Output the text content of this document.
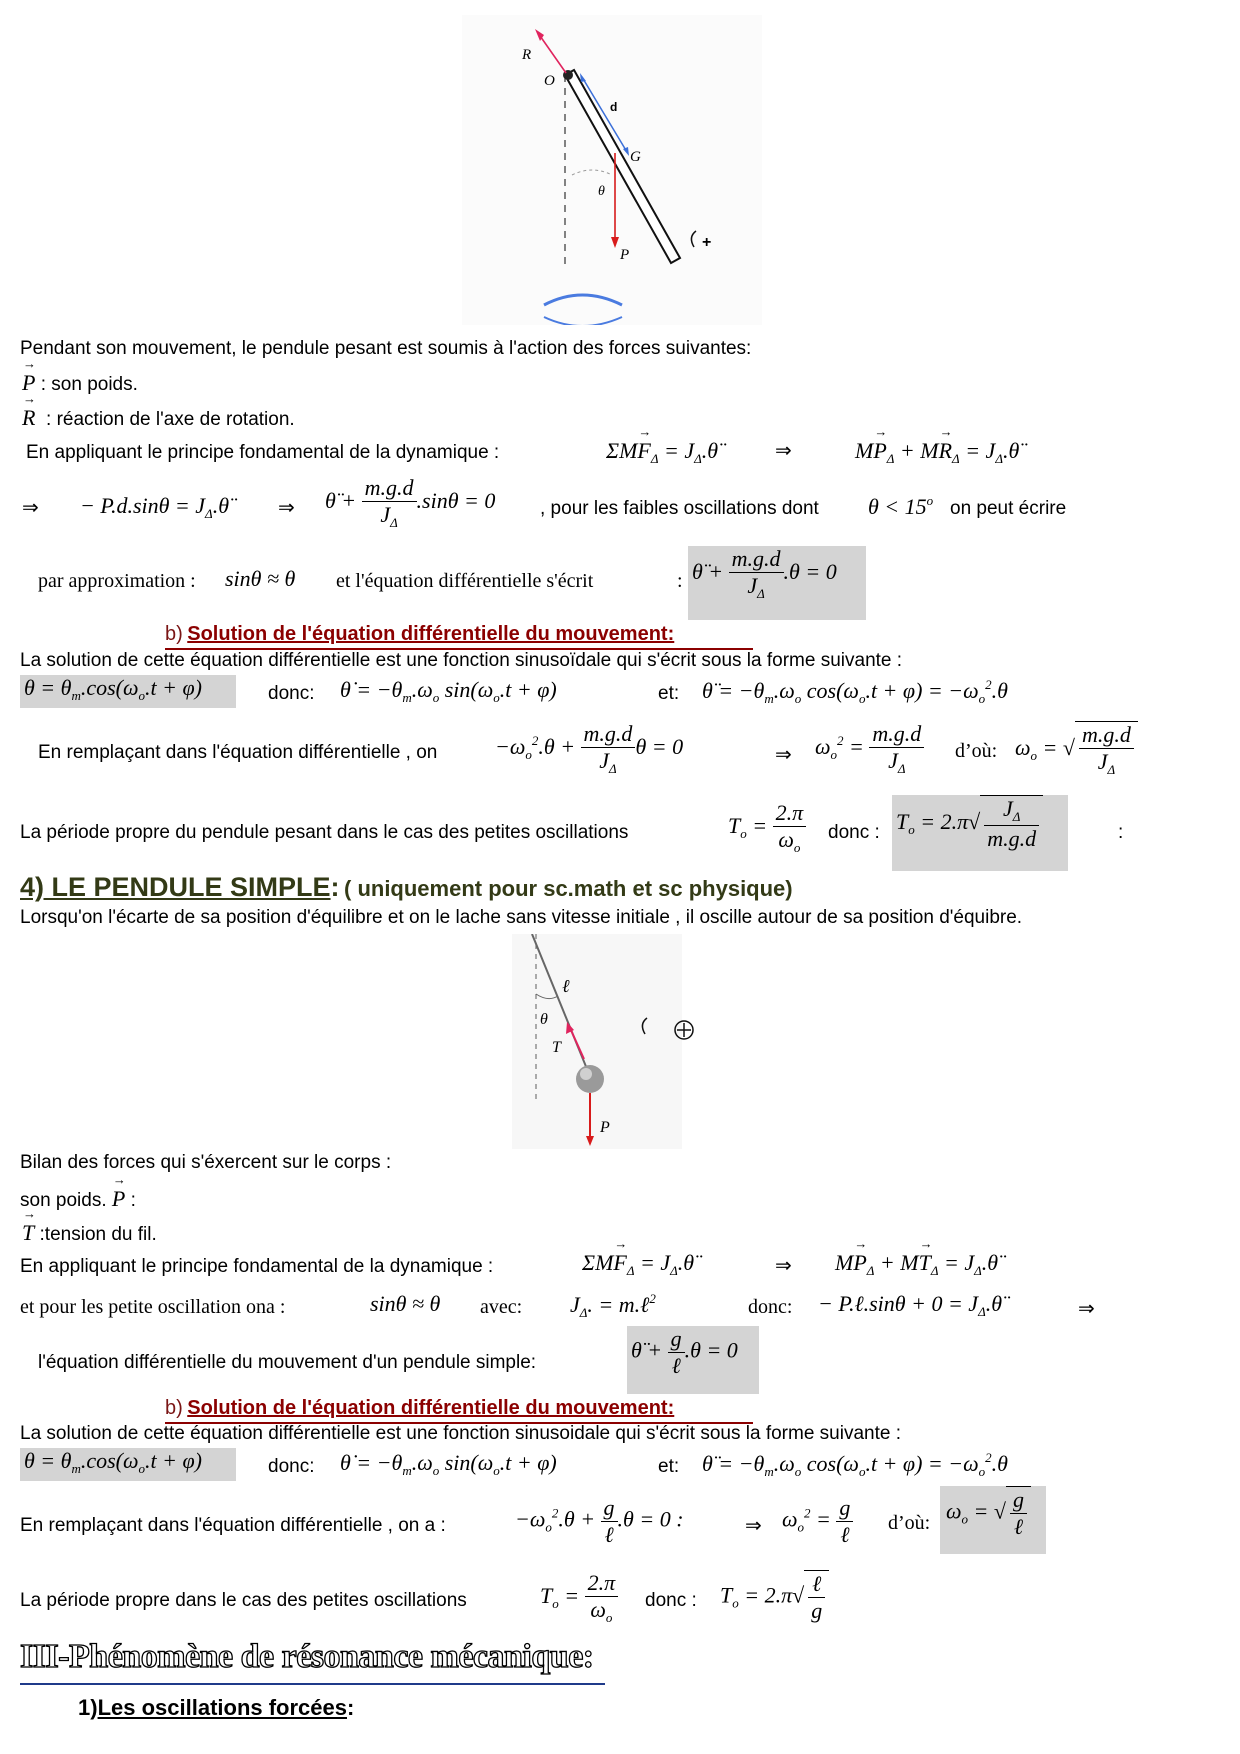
R
O
d
G
θ
P
+
Pendant son mouvement, le pendule pesant est soumis à l'action des forces suivantes:
→ P : son poids.
→ R : réaction de l'axe de rotation.
En appliquant le principe fondamental de la dynamique :	$\Sigma M\to F_\Delta$ = $J_\Delta.\thetä$	⇒	$M\to P_\Delta + M\to R_\Delta$ = $J_\Delta.\thetä$
⇒ − $P.d.\sin\theta = J_\Delta.\thetä$ ⇒ θ̈ + $\frac{m.g.d}{J_\Delta} .\sin\theta = 0$ , pour les faibles oscillations dont $\theta < 15^o$ on peut écrire
par approximation : sinθ ≈ θ et l'équation différentielle s'écrit	: θ̈ + $\frac{m.g.d}{J_\Delta} .\theta = 0$
b) Solution de l'équation différentielle du mouvement:
La solution de cette équation différentielle est une fonction sinusoïdale qui s'écrit sous la forme suivante :
$\theta = \theta_m.\cos(\omega_o.t + \varphi)$	donc: θ̇ = $-\theta_m.\omega_o$ $\sin(\omega_o.t + \varphi)$	et: θ̈ = $-\theta_m.\omega_o$ $\cos(\omega_o.t + \varphi) = -\omega_o^2.\theta$
En remplaçant dans l'équation différentielle , on	$-\omega_o^2.\theta + \frac{m.g.d}{J_\Delta}$ θ = 0	⇒ $\omega_o^2 = \frac{m.g.d}{J_\Delta}$ d’où: $\omega_o$ = √ $\frac{m.g.d}{J_\Delta}$
La période propre du pendule pesant dans le cas des petites oscillations	$T_o = \frac{2.\pi}{\omega_o}$ donc : $T_o = 2.\pi√ \frac{J_\Delta}{m.g.d}$	:
4) LE PENDULE SIMPLE: ( uniquement pour sc.math et sc physique)
Lorsqu'on l'écarte de sa position d'équilibre et on le lache sans vitesse initiale , il oscille autour de sa position d'équibre.
ℓ
θ
T
P
Bilan des forces qui s'éxercent sur le corps :
son poids. → P :
→ T :tension du fil.
En appliquant le principe fondamental de la dynamique :	$\Sigma M\to F_\Delta$ = $J_\Delta.\thetä$	⇒ $M\to P_\Delta + M\to T_\Delta$ = $J_\Delta.\thetä$
et pour les petite oscillation ona :	sinθ ≈ θ avec: $J_\Delta$. = m.ℓ$^2$	donc: − P.ℓ.sinθ + $0 = J_\Delta.\thetä$	⇒
l'équation différentielle du mouvement d'un pendule simple:	θ̈ + $\frac{g}{\text{ℓ}} .\theta = 0$
b) Solution de l'équation différentielle du mouvement:
La solution de cette équation différentielle est une fonction sinusoidale qui s'écrit sous la forme suivante :
$\theta = \theta_m.\cos(\omega_o.t + \varphi)$	donc: θ̇ = $-\theta_m.\omega_o$ $\sin(\omega_o.t + \varphi)$	et: θ̈ = $-\theta_m.\omega_o$ $\cos(\omega_o.t + \varphi) = -\omega_o^2.\theta$
En remplaçant dans l'équation différentielle , on a :	$-\omega_o^2.\theta + \frac{g}{\text{ℓ}} .\theta = 0$ :	⇒ $\omega_o^2 = \frac{g}{\text{ℓ}}$ d’où: $\omega_o$ = √ $\frac{g}{\text{ℓ}}$
La période propre dans le cas des petites oscillations	$T_o = \frac{2.\pi}{\omega_o}$ donc : $T_o = 2.\pi√ \frac{\text{ℓ}}{g}$
III-Phénomène de résonance mécanique:
1)Les oscillations forcées:
